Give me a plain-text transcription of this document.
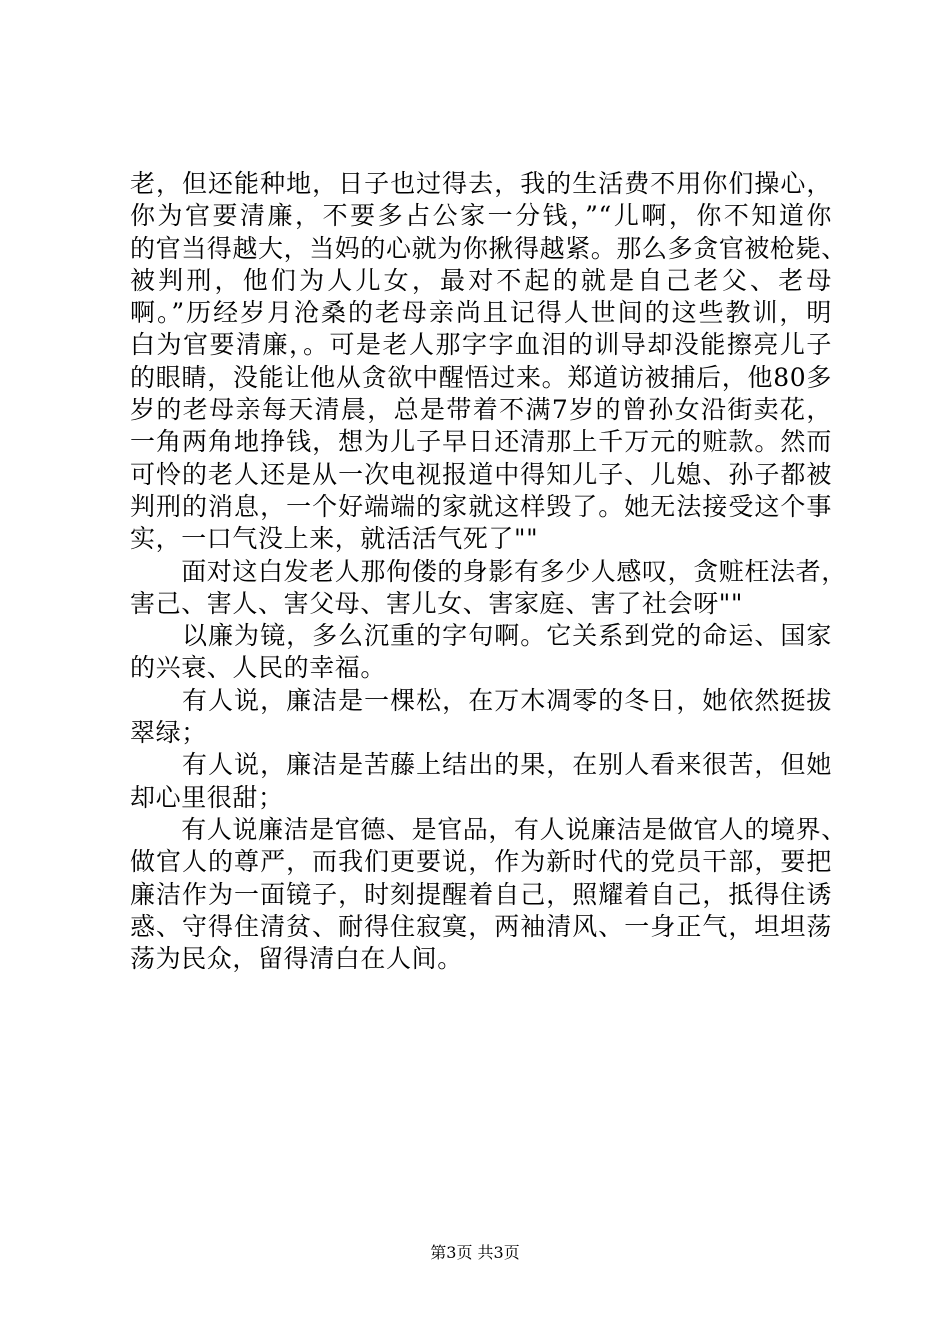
老，但还能种地，日子也过得去，我的生活费不用你们操心，
你为官要清廉，不要多占公家一分钱，”“儿啊，你不知道你
的官当得越大，当妈的心就为你揪得越紧。那么多贪官被枪毙、
被判刑，他们为人儿女，最对不起的就是自己老父、老母
啊。”历经岁月沧桑的老母亲尚且记得人世间的这些教训，明
白为官要清廉，。可是老人那字字血泪的训导却没能擦亮儿子
的眼睛，没能让他从贪欲中醒悟过来。郑道访被捕后，他80多
岁的老母亲每天清晨，总是带着不满7岁的曾孙女沿街卖花，
一角两角地挣钱，想为儿子早日还清那上千万元的赃款。然而
可怜的老人还是从一次电视报道中得知儿子、儿媳、孙子都被
判刑的消息，一个好端端的家就这样毁了。她无法接受这个事
实，一口气没上来，就活活气死了""
　　面对这白发老人那佝偻的身影有多少人感叹，贪赃枉法者，
害己、害人、害父母、害儿女、害家庭、害了社会呀""
　　以廉为镜，多么沉重的字句啊。它关系到党的命运、国家
的兴衰、人民的幸福。
　　有人说，廉洁是一棵松，在万木凋零的冬日，她依然挺拔
翠绿；
　　有人说，廉洁是苦藤上结出的果，在别人看来很苦，但她
却心里很甜；
　　有人说廉洁是官德、是官品，有人说廉洁是做官人的境界、
做官人的尊严，而我们更要说，作为新时代的党员干部，要把
廉洁作为一面镜子，时刻提醒着自己，照耀着自己，抵得住诱
惑、守得住清贫、耐得住寂寞，两袖清风、一身正气，坦坦荡
荡为民众，留得清白在人间。
第3页 共3页
